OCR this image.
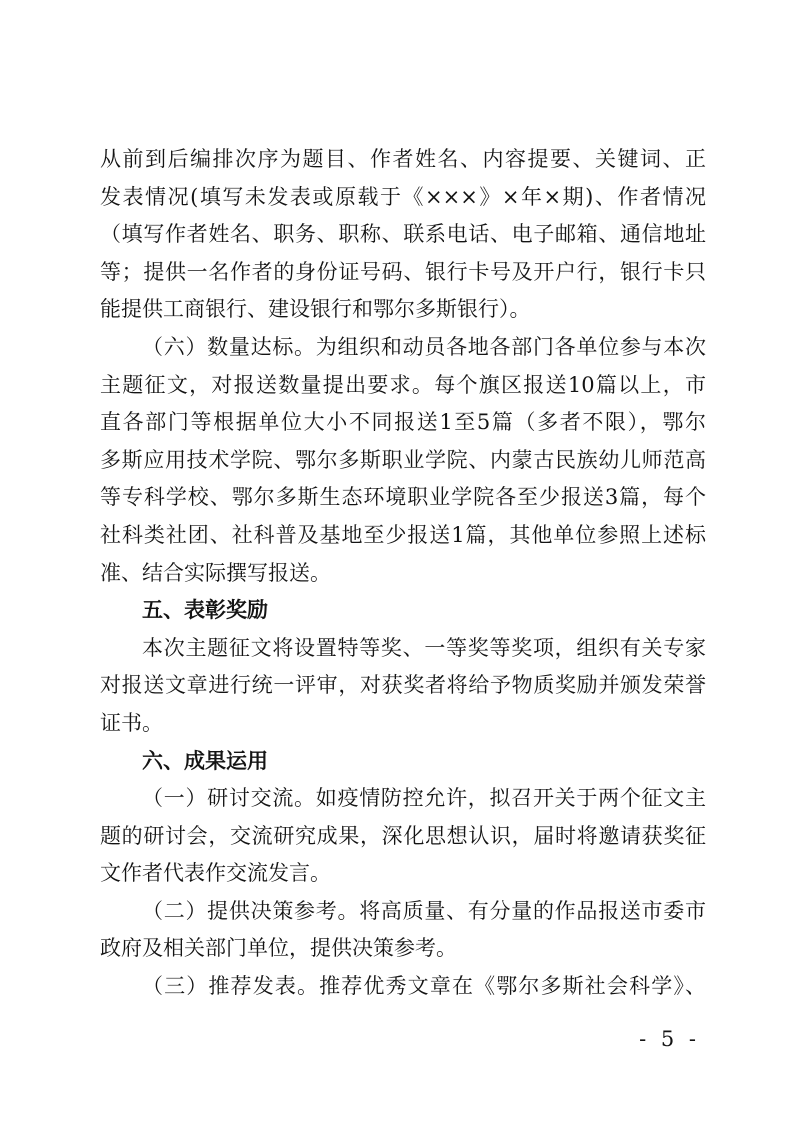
从前到后编排次序为题目、作者姓名、内容提要、关键词、正
发表情况(填写未发表或原载于《×××》×年×期)、作者情况
（填写作者姓名、职务、职称、联系电话、电子邮箱、通信地址
等；提供一名作者的身份证号码、银行卡号及开户行，银行卡只
能提供工商银行、建设银行和鄂尔多斯银行）。
（六）数量达标。为组织和动员各地各部门各单位参与本次
主题征文，对报送数量提出要求。每个旗区报送10篇以上，市
直各部门等根据单位大小不同报送1至5篇（多者不限），鄂尔
多斯应用技术学院、鄂尔多斯职业学院、内蒙古民族幼儿师范高
等专科学校、鄂尔多斯生态环境职业学院各至少报送3篇，每个
社科类社团、社科普及基地至少报送1篇，其他单位参照上述标
准、结合实际撰写报送。
五、表彰奖励
本次主题征文将设置特等奖、一等奖等奖项，组织有关专家
对报送文章进行统一评审，对获奖者将给予物质奖励并颁发荣誉
证书。
六、成果运用
（一）研讨交流。如疫情防控允许，拟召开关于两个征文主
题的研讨会，交流研究成果，深化思想认识，届时将邀请获奖征
文作者代表作交流发言。
（二）提供决策参考。将高质量、有分量的作品报送市委市
政府及相关部门单位，提供决策参考。
（三）推荐发表。推荐优秀文章在《鄂尔多斯社会科学》、
- 5 -
